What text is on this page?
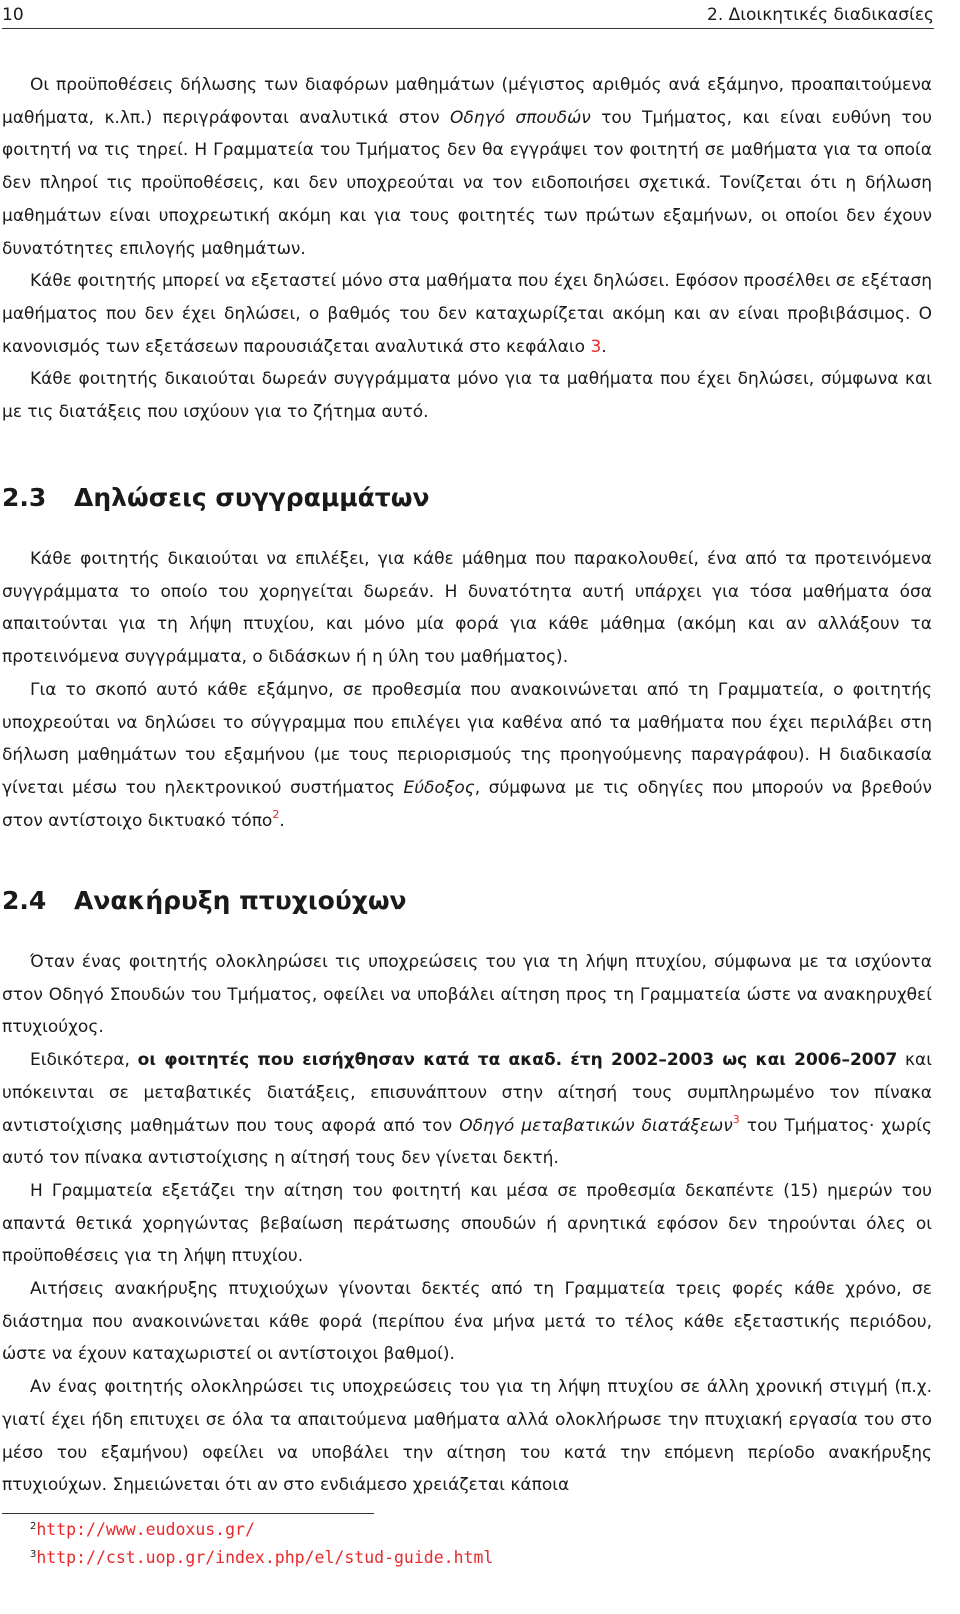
10	2. Διοικητικές διαδικασίες

Οι προϋποθέσεις δήλωσης των διαφόρων μαθημάτων (μέγιστος αριθμός ανά εξάμηνο, προαπαιτούμενα μαθήματα, κ.λπ.) περιγράφονται αναλυτικά στον Οδηγό σπουδών του Τμήματος, και είναι ευθύνη του φοιτητή να τις τηρεί. Η Γραμματεία του Τμήματος δεν θα εγγράψει τον φοιτητή σε μαθήματα για τα οποία δεν πληροί τις προϋποθέσεις, και δεν υποχρεούται να τον ειδοποιήσει σχετικά. Τονίζεται ότι η δήλωση μαθημάτων είναι υποχρεωτική ακόμη και για τους φοιτητές των πρώτων εξαμήνων, οι οποίοι δεν έχουν δυνατότητες επιλογής μαθημάτων.

Κάθε φοιτητής μπορεί να εξεταστεί μόνο στα μαθήματα που έχει δηλώσει. Εφόσον προσέλθει σε εξέταση μαθήματος που δεν έχει δηλώσει, ο βαθμός του δεν καταχωρίζεται ακόμη και αν είναι προβιβάσιμος. Ο κανονισμός των εξετάσεων παρουσιάζεται αναλυτικά στο κεφάλαιο 3.

Κάθε φοιτητής δικαιούται δωρεάν συγγράμματα μόνο για τα μαθήματα που έχει δηλώσει, σύμφωνα και με τις διατάξεις που ισχύουν για το ζήτημα αυτό.

2.3 Δηλώσεις συγγραμμάτων

Κάθε φοιτητής δικαιούται να επιλέξει, για κάθε μάθημα που παρακολουθεί, ένα από τα προτεινόμενα συγγράμματα το οποίο του χορηγείται δωρεάν. Η δυνατότητα αυτή υπάρχει για τόσα μαθήματα όσα απαιτούνται για τη λήψη πτυχίου, και μόνο μία φορά για κάθε μάθημα (ακόμη και αν αλλάξουν τα προτεινόμενα συγγράμματα, ο διδάσκων ή η ύλη του μαθήματος).

Για το σκοπό αυτό κάθε εξάμηνο, σε προθεσμία που ανακοινώνεται από τη Γραμματεία, ο φοιτητής υποχρεούται να δηλώσει το σύγγραμμα που επιλέγει για καθένα από τα μαθήματα που έχει περιλάβει στη δήλωση μαθημάτων του εξαμήνου (με τους περιορισμούς της προηγούμενης παραγράφου). Η διαδικασία γίνεται μέσω του ηλεκτρονικού συστήματος Εύδοξος, σύμφωνα με τις οδηγίες που μπορούν να βρεθούν στον αντίστοιχο δικτυακό τόπο$^2$.

2.4 Ανακήρυξη πτυχιούχων

Όταν ένας φοιτητής ολοκληρώσει τις υποχρεώσεις του για τη λήψη πτυχίου, σύμφωνα με τα ισχύοντα στον Οδηγό Σπουδών του Τμήματος, οφείλει να υποβάλει αίτηση προς τη Γραμματεία ώστε να ανακηρυχθεί πτυχιούχος.

Ειδικότερα, οι φοιτητές που εισήχθησαν κατά τα ακαδ. έτη 2002–2003 ως και 2006–2007 και υπόκεινται σε μεταβατικές διατάξεις, επισυνάπτουν στην αίτησή τους συμπληρωμένο τον πίνακα αντιστοίχισης μαθημάτων που τους αφορά από τον Οδηγό μεταβατικών διατάξεων$^3$ του Τμήματος· χωρίς αυτό τον πίνακα αντιστοίχισης η αίτησή τους δεν γίνεται δεκτή.

Η Γραμματεία εξετάζει την αίτηση του φοιτητή και μέσα σε προθεσμία δεκαπέντε (15) ημερών του απαντά θετικά χορηγώντας βεβαίωση περάτωσης σπουδών ή αρνητικά εφόσον δεν τηρούνται όλες οι προϋποθέσεις για τη λήψη πτυχίου.

Αιτήσεις ανακήρυξης πτυχιούχων γίνονται δεκτές από τη Γραμματεία τρεις φορές κάθε χρόνο, σε διάστημα που ανακοινώνεται κάθε φορά (περίπου ένα μήνα μετά το τέλος κάθε εξεταστικής περιόδου, ώστε να έχουν καταχωριστεί οι αντίστοιχοι βαθμοί).

Αν ένας φοιτητής ολοκληρώσει τις υποχρεώσεις του για τη λήψη πτυχίου σε άλλη χρονική στιγμή (π.χ. γιατί έχει ήδη επιτυχει σε όλα τα απαιτούμενα μαθήματα αλλά ολοκλήρωσε την πτυχιακή εργασία του στο μέσο του εξαμήνου) οφείλει να υποβάλει την αίτηση του κατά την επόμενη περίοδο ανακήρυξης πτυχιούχων. Σημειώνεται ότι αν στο ενδιάμεσο χρειάζεται κάποια

$^2$http://www.eudoxus.gr/
$^3$http://cst.uop.gr/index.php/el/stud-guide.html
